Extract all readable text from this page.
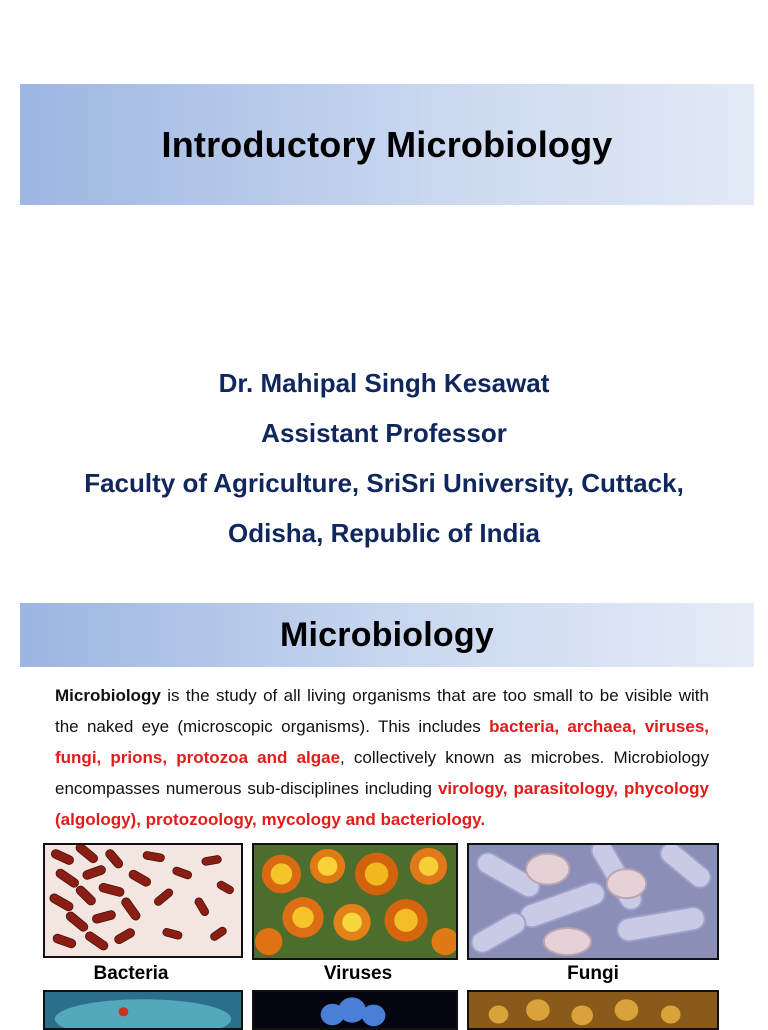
Introductory Microbiology
Dr. Mahipal Singh Kesawat
Assistant Professor
Faculty of Agriculture, SriSri University, Cuttack,
Odisha, Republic of India
Microbiology

Microbiology is the study of all living organisms that are too small to be visible with the naked eye (microscopic organisms). This includes bacteria, archaea, viruses, fungi, prions, protozoa and algae, collectively known as microbes. Microbiology encompasses numerous sub-disciplines including virology, parasitology, phycology (algology), protozoology, mycology and bacteriology.

Bacteria	Viruses	Fungi
